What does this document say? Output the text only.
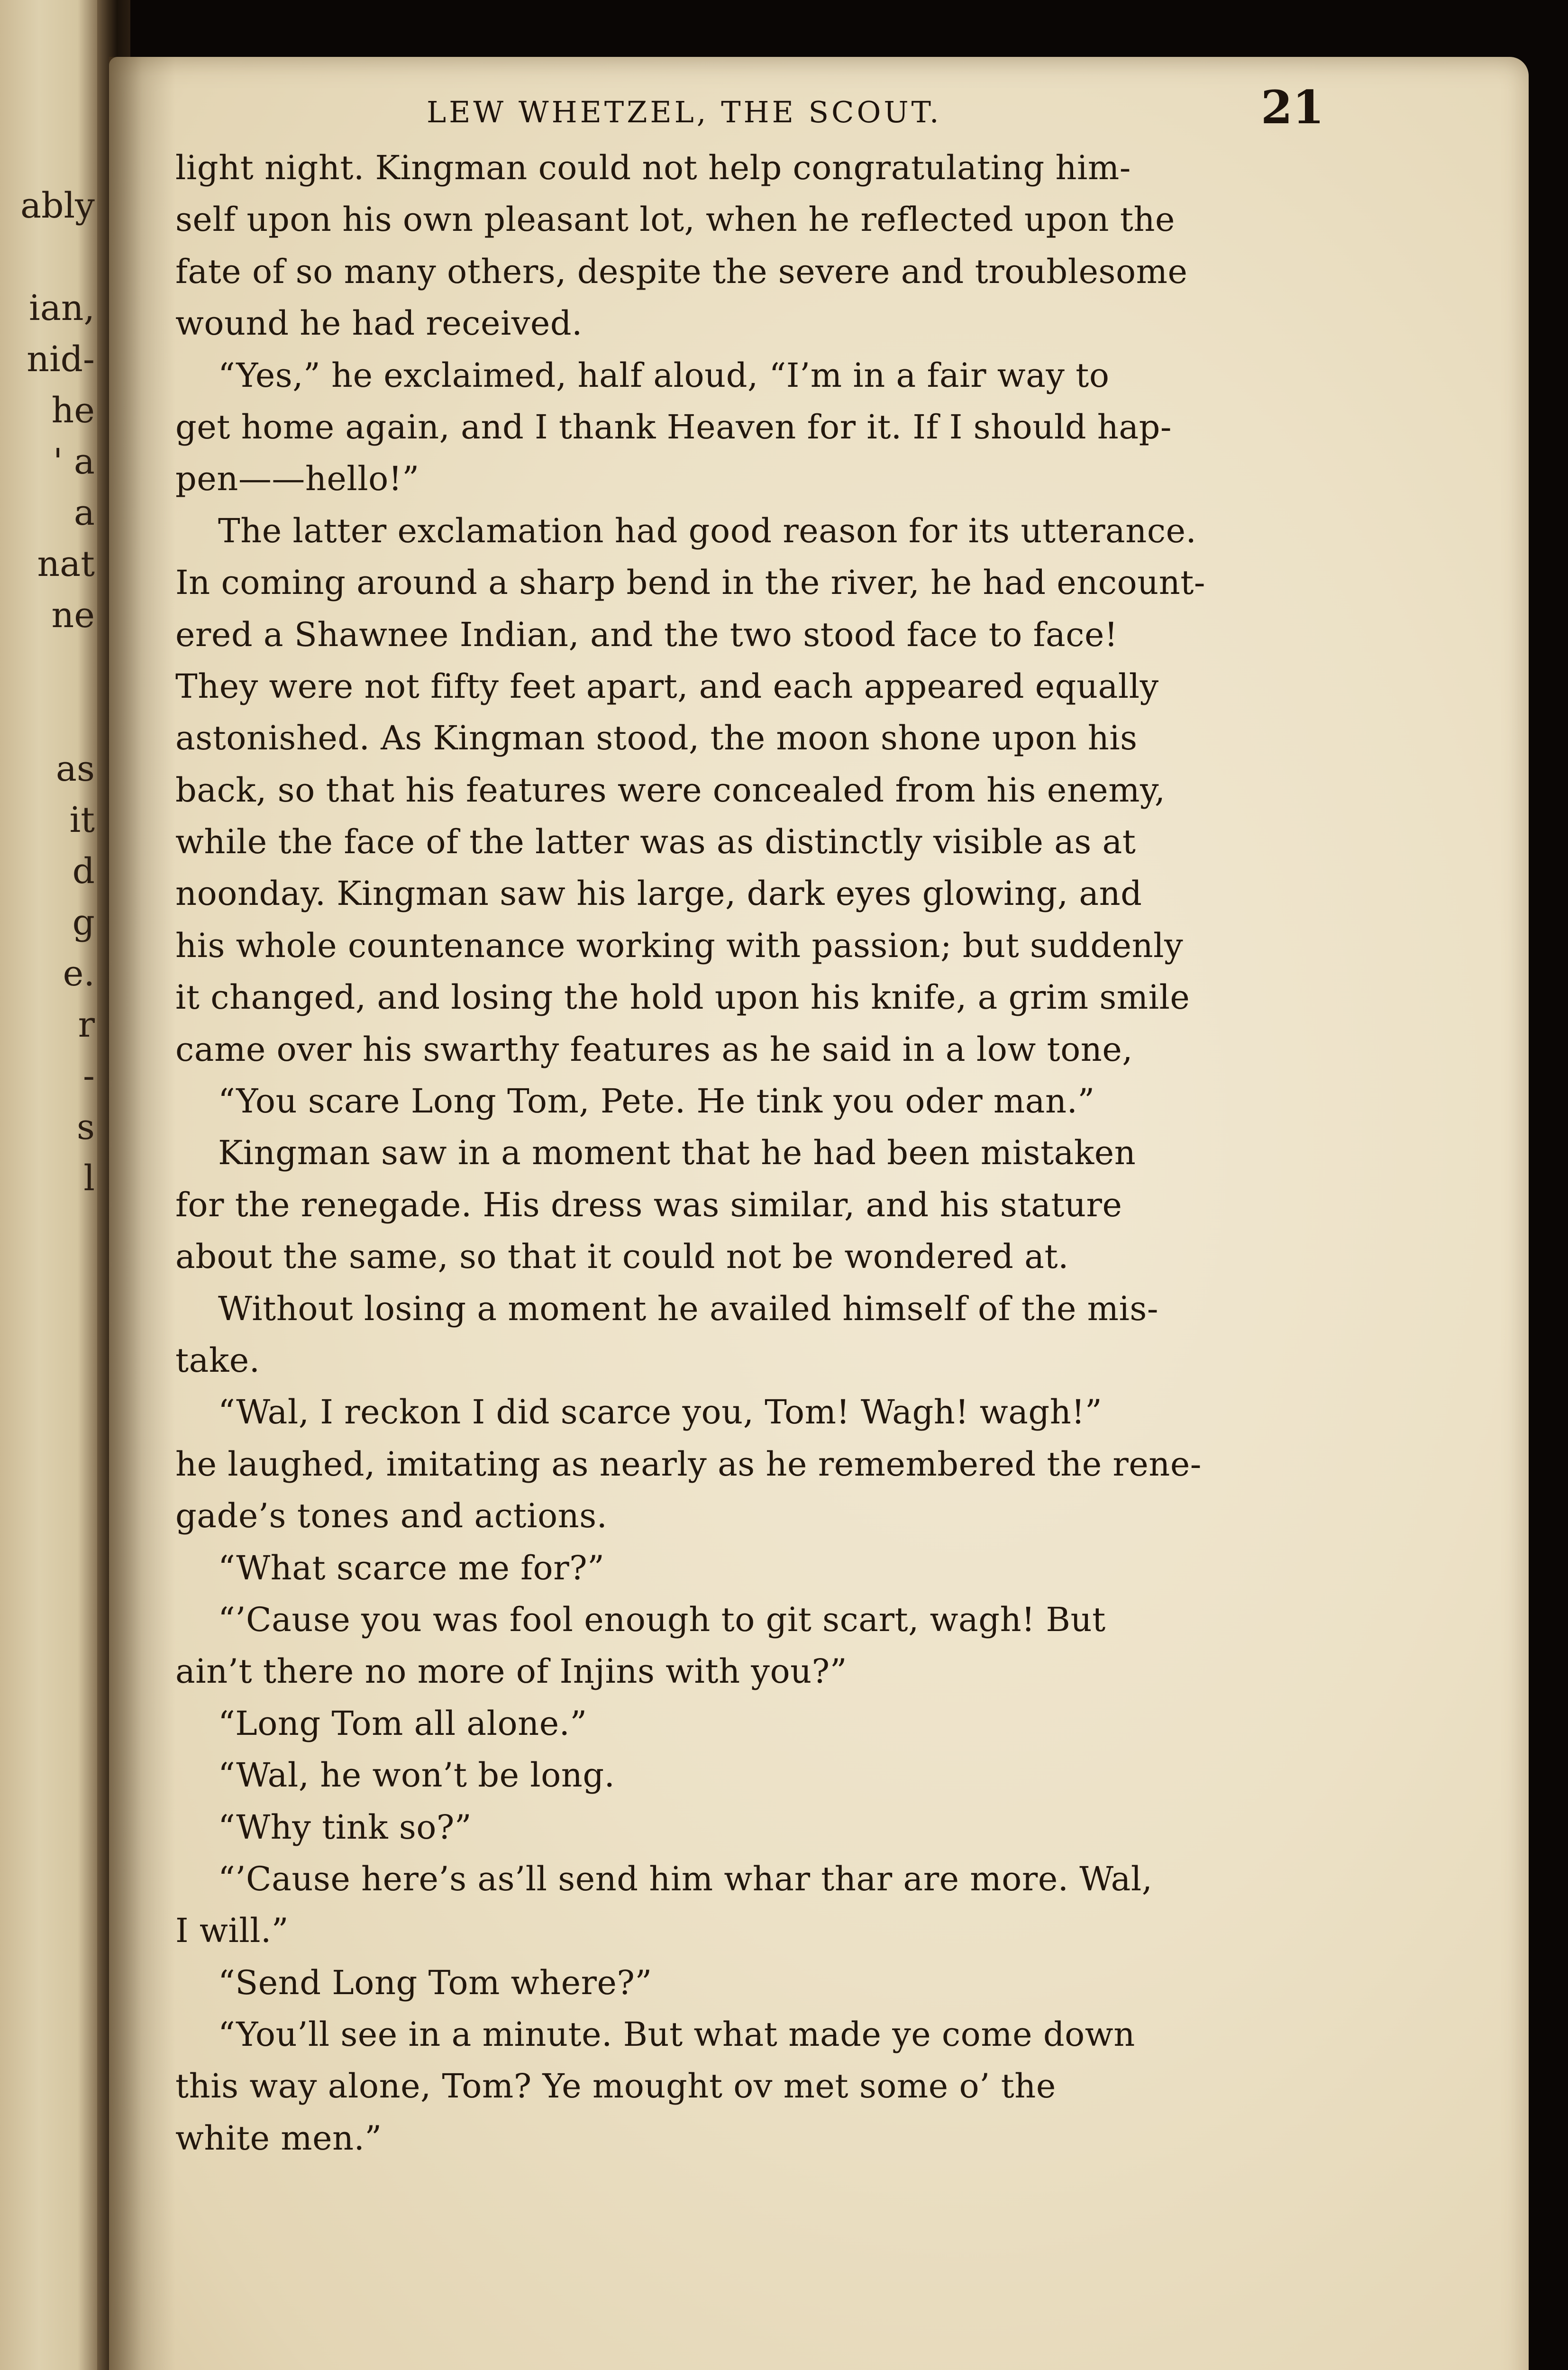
ably
ian,
nid-
he
' a
a
nat
ne
as
it
d
g
e.
r
-
s
l
LEW WHETZEL, THE SCOUT.	21
light night. Kingman could not help congratulating him-
self upon his own pleasant lot, when he reflected upon the
fate of so many others, despite the severe and troublesome
wound he had received.
“Yes,” he exclaimed, half aloud, “I’m in a fair way to
get home again, and I thank Heaven for it. If I should hap-
pen——hello!”
The latter exclamation had good reason for its utterance.
In coming around a sharp bend in the river, he had encount-
ered a Shawnee Indian, and the two stood face to face!
They were not fifty feet apart, and each appeared equally
astonished. As Kingman stood, the moon shone upon his
back, so that his features were concealed from his enemy,
while the face of the latter was as distinctly visible as at
noonday. Kingman saw his large, dark eyes glowing, and
his whole countenance working with passion; but suddenly
it changed, and losing the hold upon his knife, a grim smile
came over his swarthy features as he said in a low tone,
“You scare Long Tom, Pete. He tink you oder man.”
Kingman saw in a moment that he had been mistaken
for the renegade. His dress was similar, and his stature
about the same, so that it could not be wondered at.
Without losing a moment he availed himself of the mis-
take.
“Wal, I reckon I did scarce you, Tom! Wagh! wagh!”
he laughed, imitating as nearly as he remembered the rene-
gade’s tones and actions.
“What scarce me for?”
“’Cause you was fool enough to git scart, wagh! But
ain’t there no more of Injins with you?”
“Long Tom all alone.”
“Wal, he won’t be long.
“Why tink so?”
“’Cause here’s as’ll send him whar thar are more. Wal,
I will.”
“Send Long Tom where?”
“You’ll see in a minute. But what made ye come down
this way alone, Tom? Ye mought ov met some o’ the
white men.”
